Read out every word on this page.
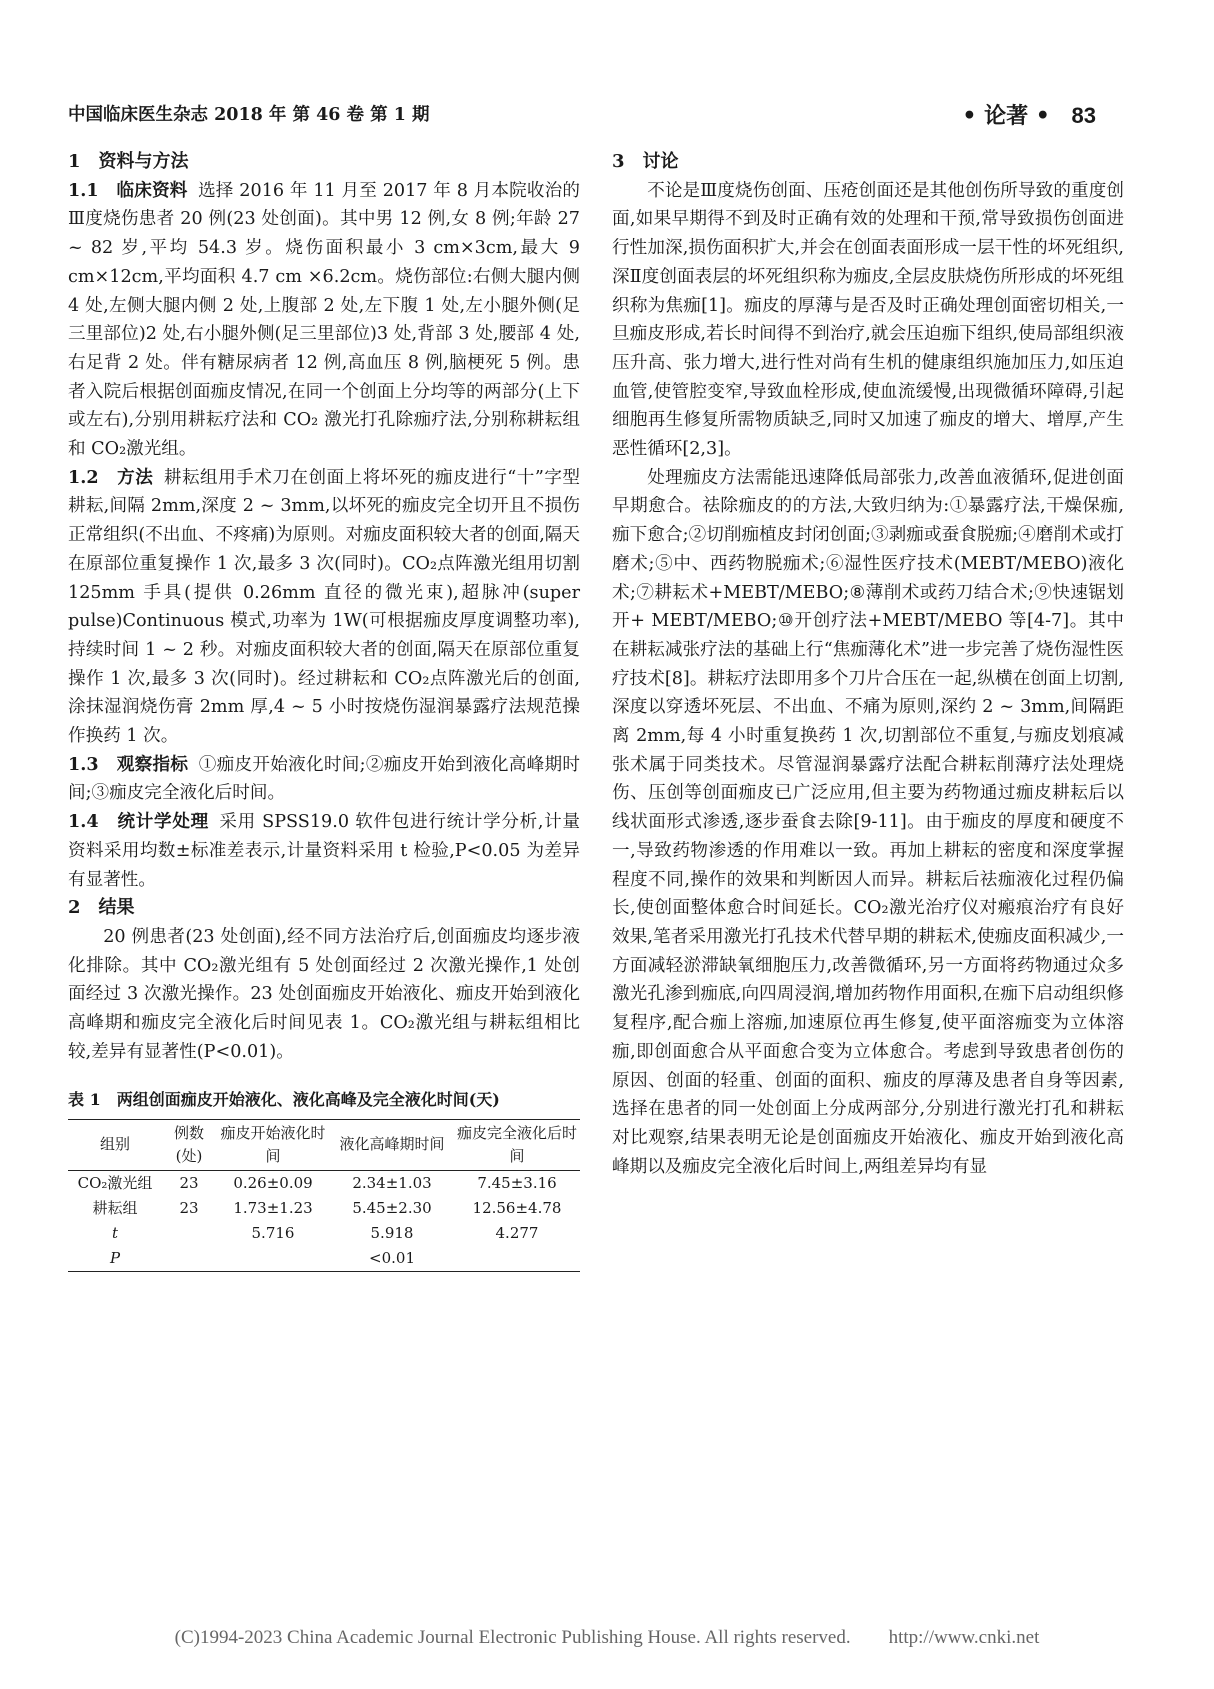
中国临床医生杂志 2018 年 第 46 卷 第 1 期	• 论著 • 83
1　资料与方法

1.1　临床资料 选择 2016 年 11 月至 2017 年 8 月本院收治的Ⅲ度烧伤患者 20 例(23 处创面)。其中男 12 例,女 8 例;年龄 27 ~ 82 岁,平均 54.3 岁。烧伤面积最小 3 cm×3cm,最大 9 cm×12cm,平均面积 4.7 cm ×6.2cm。烧伤部位:右侧大腿内侧 4 处,左侧大腿内侧 2 处,上腹部 2 处,左下腹 1 处,左小腿外侧(足三里部位)2 处,右小腿外侧(足三里部位)3 处,背部 3 处,腰部 4 处,右足背 2 处。伴有糖尿病者 12 例,高血压 8 例,脑梗死 5 例。患者入院后根据创面痂皮情况,在同一个创面上分均等的两部分(上下或左右),分别用耕耘疗法和 CO₂ 激光打孔除痂疗法,分别称耕耘组和 CO₂激光组。

1.2　方法 耕耘组用手术刀在创面上将坏死的痂皮进行“十”字型耕耘,间隔 2mm,深度 2 ~ 3mm,以坏死的痂皮完全切开且不损伤正常组织(不出血、不疼痛)为原则。对痂皮面积较大者的创面,隔天在原部位重复操作 1 次,最多 3 次(同时)。CO₂点阵激光组用切割 125mm 手具(提供 0.26mm 直径的微光束),超脉冲(super pulse)Continuous 模式,功率为 1W(可根据痂皮厚度调整功率),持续时间 1 ~ 2 秒。对痂皮面积较大者的创面,隔天在原部位重复操作 1 次,最多 3 次(同时)。经过耕耘和 CO₂点阵激光后的创面,涂抹湿润烧伤膏 2mm 厚,4 ~ 5 小时按烧伤湿润暴露疗法规范操作换药 1 次。

1.3　观察指标 ①痂皮开始液化时间;②痂皮开始到液化高峰期时间;③痂皮完全液化后时间。

1.4　统计学处理 采用 SPSS19.0 软件包进行统计学分析,计量资料采用均数±标准差表示,计量资料采用 t 检验,P<0.05 为差异有显著性。

2　结果

20 例患者(23 处创面),经不同方法治疗后,创面痂皮均逐步液化排除。其中 CO₂激光组有 5 处创面经过 2 次激光操作,1 处创面经过 3 次激光操作。23 处创面痂皮开始液化、痂皮开始到液化高峰期和痂皮完全液化后时间见表 1。CO₂激光组与耕耘组相比较,差异有显著性(P<0.01)。

表 1　两组创面痂皮开始液化、液化高峰及完全液化时间(天)
组别	例数(处)	痂皮开始液化时间	液化高峰期时间	痂皮完全液化后时间
CO₂激光组	23	0.26±0.09	2.34±1.03	7.45±3.16
耕耘组	23	1.73±1.23	5.45±2.30	12.56±4.78
t		5.716	5.918	4.277
P			<0.01	
3　讨论

不论是Ⅲ度烧伤创面、压疮创面还是其他创伤所导致的重度创面,如果早期得不到及时正确有效的处理和干预,常导致损伤创面进行性加深,损伤面积扩大,并会在创面表面形成一层干性的坏死组织,深Ⅱ度创面表层的坏死组织称为痂皮,全层皮肤烧伤所形成的坏死组织称为焦痂[1]。痂皮的厚薄与是否及时正确处理创面密切相关,一旦痂皮形成,若长时间得不到治疗,就会压迫痂下组织,使局部组织液压升高、张力增大,进行性对尚有生机的健康组织施加压力,如压迫血管,使管腔变窄,导致血栓形成,使血流缓慢,出现微循环障碍,引起细胞再生修复所需物质缺乏,同时又加速了痂皮的增大、增厚,产生恶性循环[2,3]。

处理痂皮方法需能迅速降低局部张力,改善血液循环,促进创面早期愈合。祛除痂皮的的方法,大致归纳为:①暴露疗法,干燥保痂,痂下愈合;②切削痂植皮封闭创面;③剥痂或蚕食脱痂;④磨削术或打磨术;⑤中、西药物脱痂术;⑥湿性医疗技术(MEBT/MEBO)液化术;⑦耕耘术+MEBT/MEBO;⑧薄削术或药刀结合术;⑨快速锯划开+ MEBT/MEBO;⑩开创疗法+MEBT/MEBO 等[4-7]。其中在耕耘减张疗法的基础上行“焦痂薄化术”进一步完善了烧伤湿性医疗技术[8]。耕耘疗法即用多个刀片合压在一起,纵横在创面上切割,深度以穿透坏死层、不出血、不痛为原则,深约 2 ~ 3mm,间隔距离 2mm,每 4 小时重复换药 1 次,切割部位不重复,与痂皮划痕减张术属于同类技术。尽管湿润暴露疗法配合耕耘削薄疗法处理烧伤、压创等创面痂皮已广泛应用,但主要为药物通过痂皮耕耘后以线状面形式渗透,逐步蚕食去除[9-11]。由于痂皮的厚度和硬度不一,导致药物渗透的作用难以一致。再加上耕耘的密度和深度掌握程度不同,操作的效果和判断因人而异。耕耘后祛痂液化过程仍偏长,使创面整体愈合时间延长。CO₂激光治疗仪对瘢痕治疗有良好效果,笔者采用激光打孔技术代替早期的耕耘术,使痂皮面积减少,一方面减轻淤滞缺氧细胞压力,改善微循环,另一方面将药物通过众多激光孔渗到痂底,向四周浸润,增加药物作用面积,在痂下启动组织修复程序,配合痂上溶痂,加速原位再生修复,使平面溶痂变为立体溶痂,即创面愈合从平面愈合变为立体愈合。考虑到导致患者创伤的原因、创面的轻重、创面的面积、痂皮的厚薄及患者自身等因素,选择在患者的同一处创面上分成两部分,分别进行激光打孔和耕耘对比观察,结果表明无论是创面痂皮开始液化、痂皮开始到液化高峰期以及痂皮完全液化后时间上,两组差异均有显

(C)1994-2023 China Academic Journal Electronic Publishing House. All rights reserved.　　http://www.cnki.net
